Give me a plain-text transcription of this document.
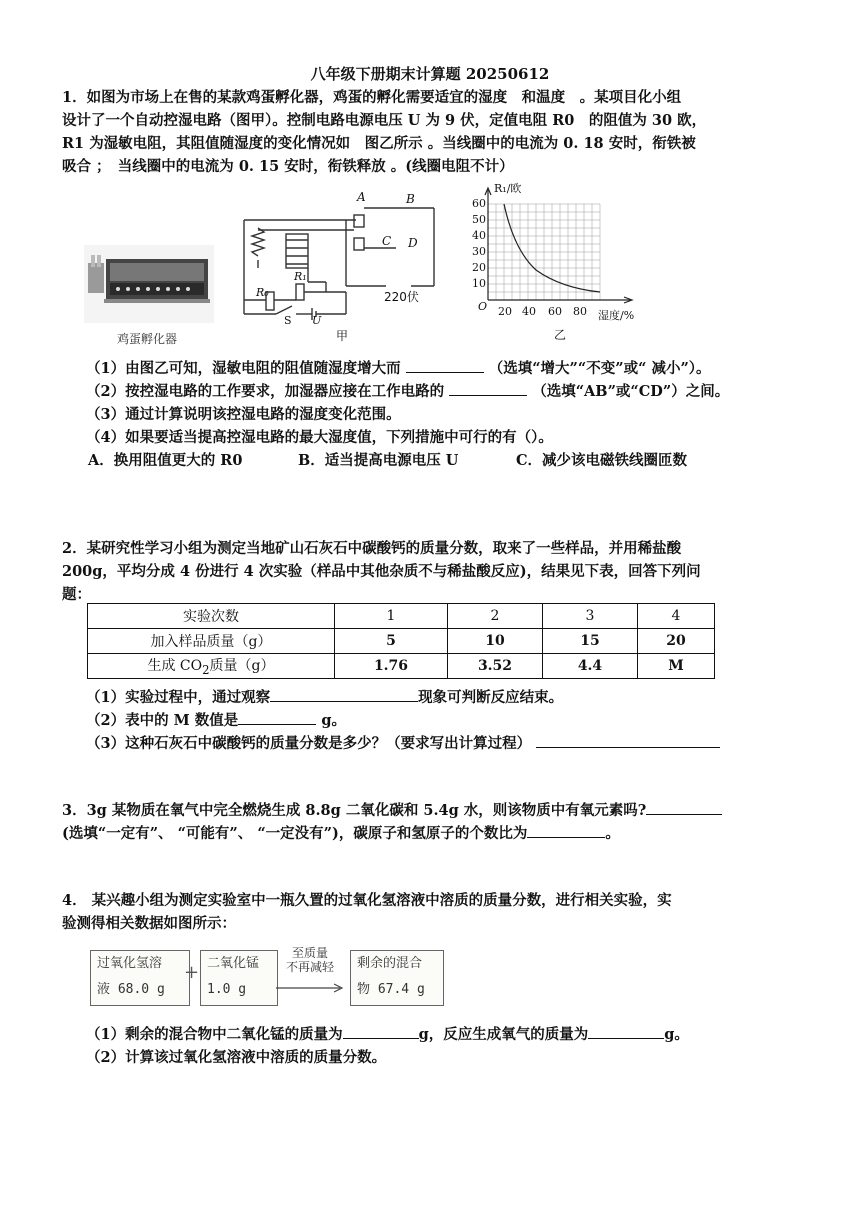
八年级下册期末计算题 20250612
1．如图为市场上在售的某款鸡蛋孵化器，鸡蛋的孵化需要适宜的湿度　和温度　。某项目化小组
设计了一个自动控湿电路（图甲）。控制电路电源电压 U 为 9 伏，定值电阻 R0　的阻值为 30 欧，
R1 为湿敏电阻，其阻值随湿度的变化情况如　图乙所示 。当线圈中的电流为 0. 18 安时，衔铁被
吸合 ；　当线圈中的电流为 0. 15 安时，衔铁释放 。(线圈电阻不计）
鸡蛋孵化器
A	B
C D
R₁
R₀
S U
220伏
甲
R₁/欧
60
50
40
30
20
10
O 20 40 60 80 湿度/%
乙
（1）由图乙可知，湿敏电阻的阻值随湿度增大而	（选填“增大”“不变”或“ 减小”）。
（2）按控湿电路的工作要求，加湿器应接在工作电路的	（选填“AB”或“CD”）之间。
（3）通过计算说明该控湿电路的湿度变化范围。
（4）如果要适当提高控湿电路的最大湿度值，下列措施中可行的有（）。
A．换用阻值更大的 R0	B．适当提高电源电压 U	C．减少该电磁铁线圈匝数
2．某研究性学习小组为测定当地矿山石灰石中碳酸钙的质量分数，取来了一些样品，并用稀盐酸
200g，平均分成 4 份进行 4 次实验（样品中其他杂质不与稀盐酸反应)，结果见下表，回答下列问
题：
实验次数	1	2	3	4
加入样品质量（g）	5	10	15	20
生成 $CO_2$质量（g）	1.76	3.52	4.4	M
（1）实验过程中，通过观察	现象可判断反应结束。
（2）表中的 M 数值是	g。
（3）这种石灰石中碳酸钙的质量分数是多少？（要求写出计算过程）
3．3g 某物质在氧气中完全燃烧生成 8.8g 二氧化碳和 5.4g 水，则该物质中有氧元素吗?
(选填“一定有”、 “可能有”、 “一定没有”)，碳原子和氢原子的个数比为	。
4． 某兴趣小组为测定实验室中一瓶久置的过氧化氢溶液中溶质的质量分数，进行相关实验，实
验测得相关数据如图所示：
过氧化氢溶
液 68.0 g
+ 二氧化锰
1.0 g
至质量
不再减轻	剩余的混合
物 67.4 g
（1）剩余的混合物中二氧化锰的质量为	g，反应生成氧气的质量为	g。
（2）计算该过氧化氢溶液中溶质的质量分数。
